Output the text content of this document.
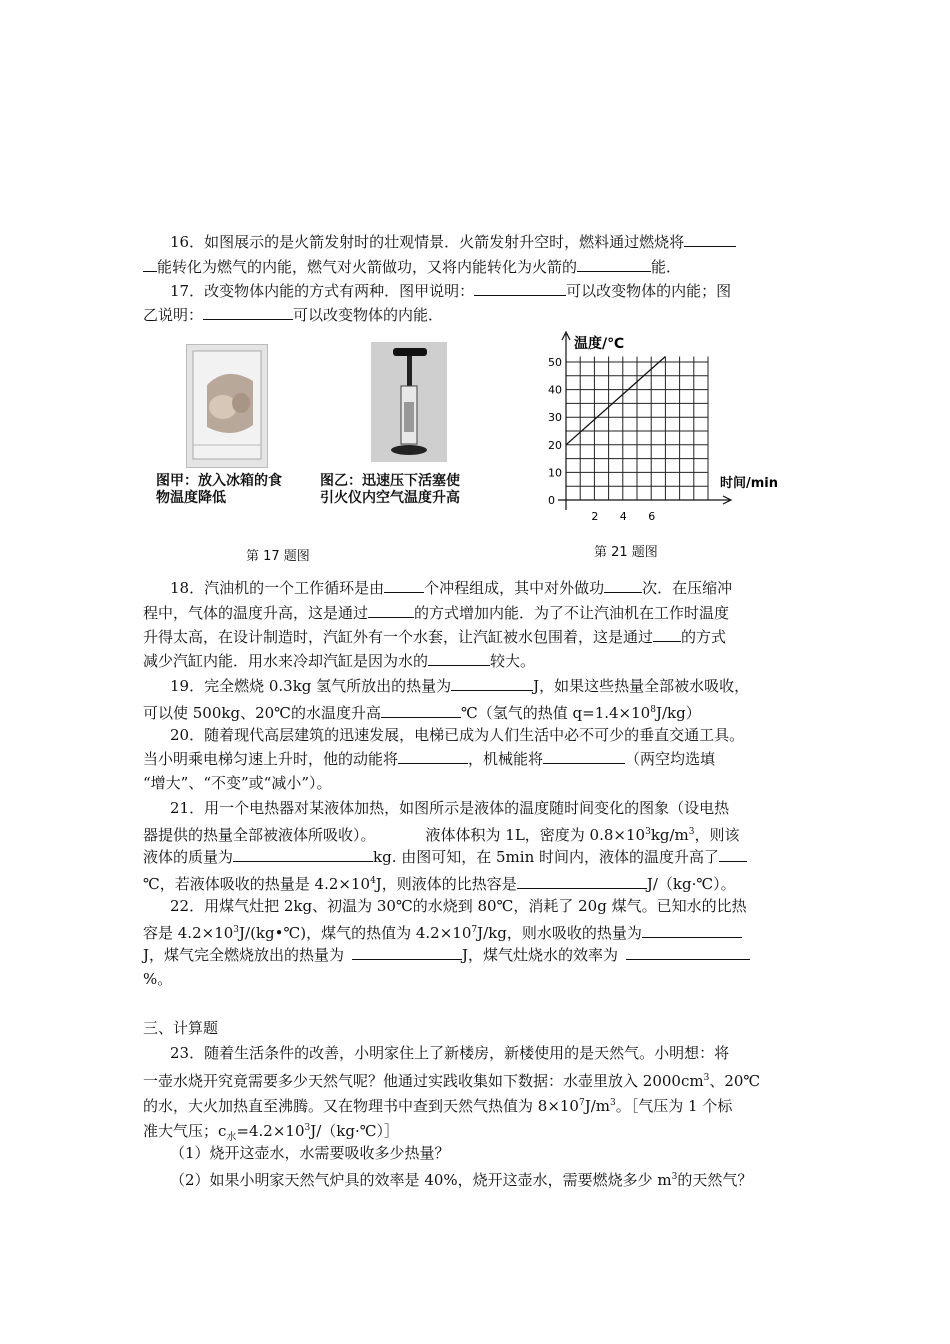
16．如图展示的是火箭发射时的壮观情景．火箭发射升空时，燃料通过燃烧将
能转化为燃气的内能，燃气对火箭做功，又将内能转化为火箭的	能．
17．改变物体内能的方式有两种．图甲说明：	可以改变物体的内能；图
乙说明：	可以改变物体的内能．
图甲：放入冰箱的食
物温度降低
图乙：迅速压下活塞使
引火仪内空气温度升高
第 17 题图
0
10
20
30
40
50
2 4 6
温度/℃
时间/min
第 21 题图
18．汽油机的一个工作循环是由	个冲程组成，其中对外做功	次．在压缩冲
程中，气体的温度升高，这是通过	的方式增加内能．为了不让汽油机在工作时温度
升得太高，在设计制造时，汽缸外有一个水套，让汽缸被水包围着，这是通过 的方式
减少汽缸内能．用水来冷却汽缸是因为水的	较大。
19．完全燃烧 0.3kg 氢气所放出的热量为	J，如果这些热量全部被水吸收，
可以使 500kg、20℃的水温度升高	℃（氢气的热值 $q=1.4\times 10^8J/kg$）
20．随着现代高层建筑的迅速发展，电梯已成为人们生活中必不可少的垂直交通工具。
当小明乘电梯匀速上升时，他的动能将	，机械能将	（两空均选填
“增大”、“不变”或“减小”）。
21．用一个电热器对某液体加热，如图所示是液体的温度随时间变化的图象（设电热
器提供的热量全部被液体所吸收）。	液体体积为 1L，密度为 $0.8\times 10^3kg/m^3$，则该
液体的质量为	kg. 由图可知，在 5min 时间内，液体的温度升高了
℃，若液体吸收的热量是 $4.2\times 10^4J$，则液体的比热容是	J/（kg·℃）。
22．用煤气灶把 2kg、初温为 30℃的水烧到 80℃，消耗了 20g 煤气。已知水的比热
容是 $4.2\times 10^3J/(kg•℃)$，煤气的热值为 $4.2\times 10^7J/kg$，则水吸收的热量为
J，煤气完全燃烧放出的热量为	J，煤气灶烧水的效率为
%。
三、计算题
23．随着生活条件的改善，小明家住上了新楼房，新楼使用的是天然气。小明想：将
一壶水烧开究竟需要多少天然气呢？他通过实践收集如下数据：水壶里放入 $2000cm^3$、20℃
的水，大火加热直至沸腾。又在物理书中查到天然气热值为 $8\times 10^7J/m^3$。［气压为 1 个标
准大气压；$c_水=4.2\times 10^3J/(kg\cdot℃)]$
（1）烧开这壶水，水需要吸收多少热量？
（2）如果小明家天然气炉具的效率是 40%，烧开这壶水，需要燃烧多少 $m^3$的天然气？
